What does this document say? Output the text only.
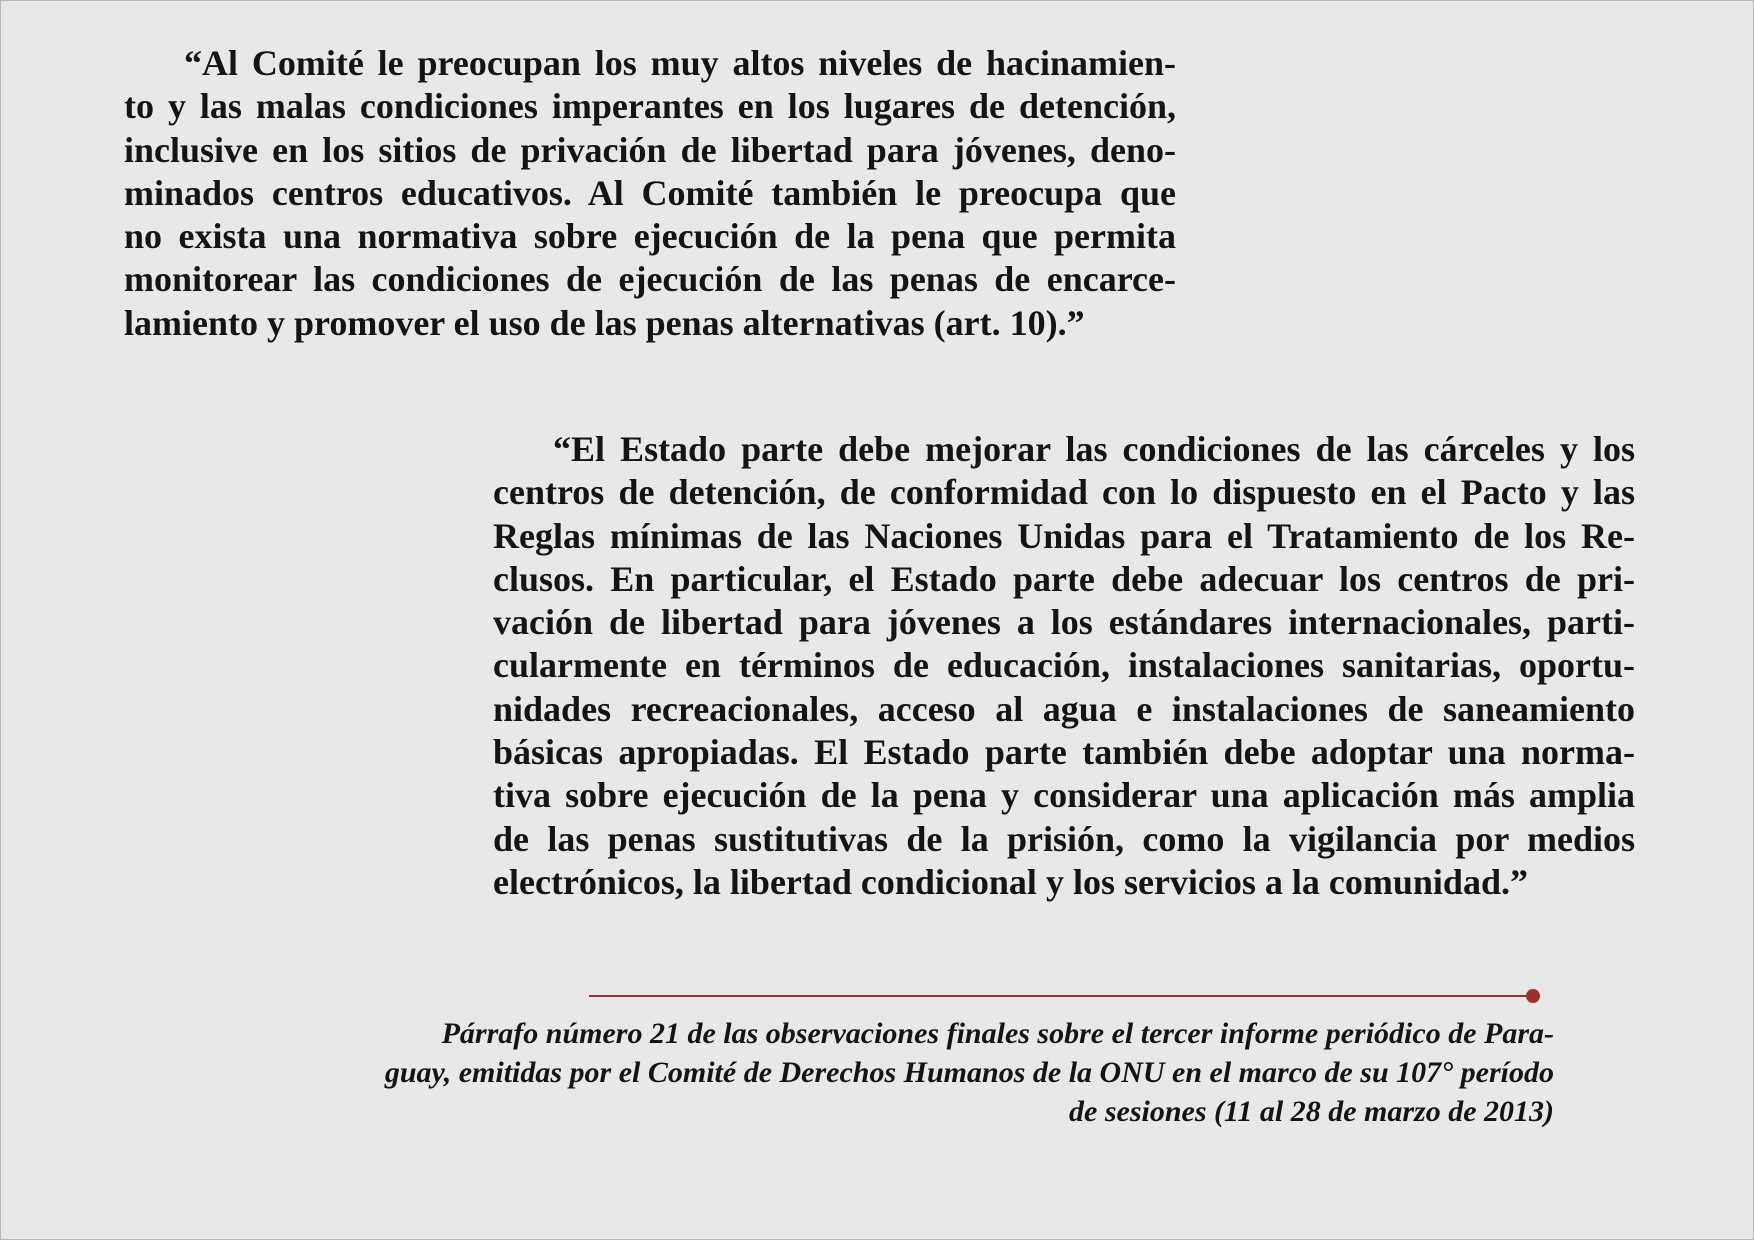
“Al Comité le preocupan los muy altos niveles de hacinamien-
to y las malas condiciones imperantes en los lugares de detención,
inclusive en los sitios de privación de libertad para jóvenes, deno-
minados centros educativos. Al Comité también le preocupa que
no exista una normativa sobre ejecución de la pena que permita
monitorear las condiciones de ejecución de las penas de encarce-
lamiento y promover el uso de las penas alternativas (art. 10).”
“El Estado parte debe mejorar las condiciones de las cárceles y los
centros de detención, de conformidad con lo dispuesto en el Pacto y las
Reglas mínimas de las Naciones Unidas para el Tratamiento de los Re-
clusos. En particular, el Estado parte debe adecuar los centros de pri-
vación de libertad para jóvenes a los estándares internacionales, parti-
cularmente en términos de educación, instalaciones sanitarias, oportu-
nidades recreacionales, acceso al agua e instalaciones de saneamiento
básicas apropiadas. El Estado parte también debe adoptar una norma-
tiva sobre ejecución de la pena y considerar una aplicación más amplia
de las penas sustitutivas de la prisión, como la vigilancia por medios
electrónicos, la libertad condicional y los servicios a la comunidad.”
Párrafo número 21 de las observaciones finales sobre el tercer informe periódico de Para-
guay, emitidas por el Comité de Derechos Humanos de la ONU en el marco de su 107° período
de sesiones (11 al 28 de marzo de 2013)
